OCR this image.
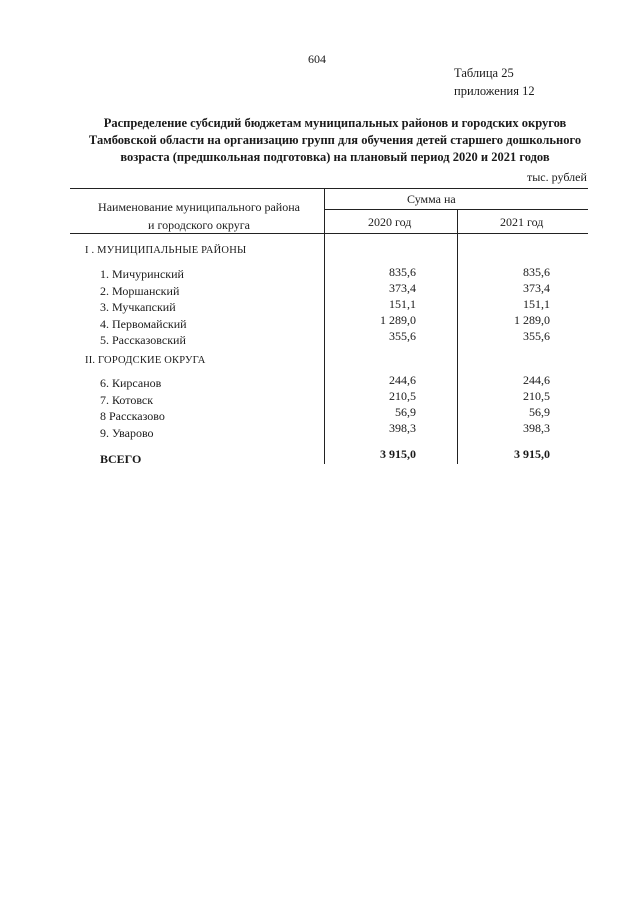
604
Таблица 25
приложения 12
Распределение субсидий бюджетам муниципальных районов и городских округов
Тамбовской области на организацию групп для обучения детей старшего дошкольного
возраста (предшкольная подготовка) на плановый период 2020 и 2021 годов
тыс. рублей
Наименование муниципального района
и городского округа
Сумма на
2020 год	2021 год
I . МУНИЦИПАЛЬНЫЕ РАЙОНЫ
1. Мичуринский	835,6	835,6
2. Моршанский	373,4	373,4
3. Мучкапский	151,1	151,1
4. Первомайский	1 289,0	1 289,0
5. Рассказовский	355,6	355,6
II. ГОРОДСКИЕ ОКРУГА
6. Кирсанов	244,6	244,6
7. Котовск	210,5	210,5
8 Рассказово	56,9	56,9
9. Уварово	398,3	398,3
ВСЕГО	3 915,0	3 915,0
